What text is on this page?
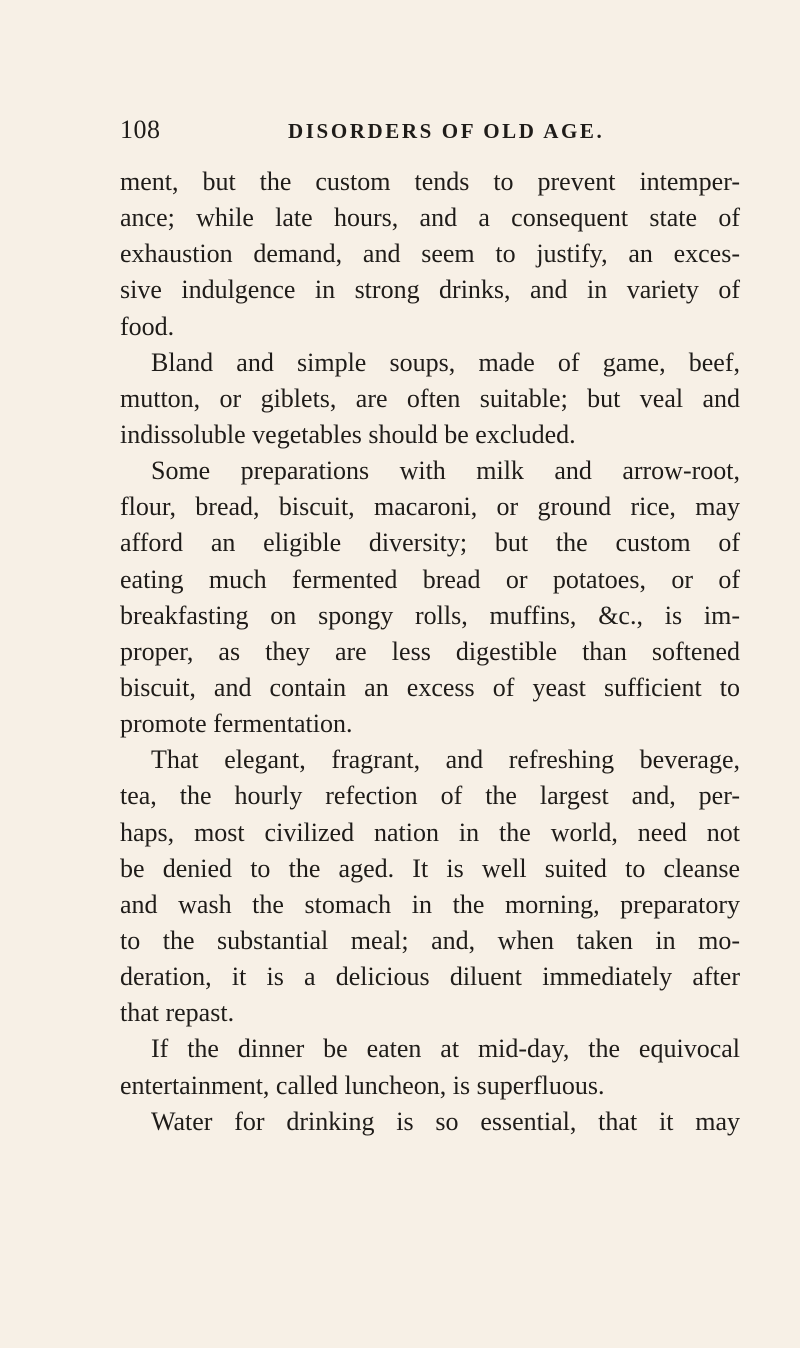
108	DISORDERS OF OLD AGE.
ment, but the custom tends to prevent intemper-
ance; while late hours, and a consequent state of
exhaustion demand, and seem to justify, an exces-
sive indulgence in strong drinks, and in variety of
food.
Bland and simple soups, made of game, beef,
mutton, or giblets, are often suitable; but veal and
indissoluble vegetables should be excluded.
Some preparations with milk and arrow-root,
flour, bread, biscuit, macaroni, or ground rice, may
afford an eligible diversity; but the custom of
eating much fermented bread or potatoes, or of
breakfasting on spongy rolls, muffins, &c., is im-
proper, as they are less digestible than softened
biscuit, and contain an excess of yeast sufficient to
promote fermentation.
That elegant, fragrant, and refreshing beverage,
tea, the hourly refection of the largest and, per-
haps, most civilized nation in the world, need not
be denied to the aged. It is well suited to cleanse
and wash the stomach in the morning, preparatory
to the substantial meal; and, when taken in mo-
deration, it is a delicious diluent immediately after
that repast.
If the dinner be eaten at mid-day, the equivocal
entertainment, called luncheon, is superfluous.
Water for drinking is so essential, that it may
